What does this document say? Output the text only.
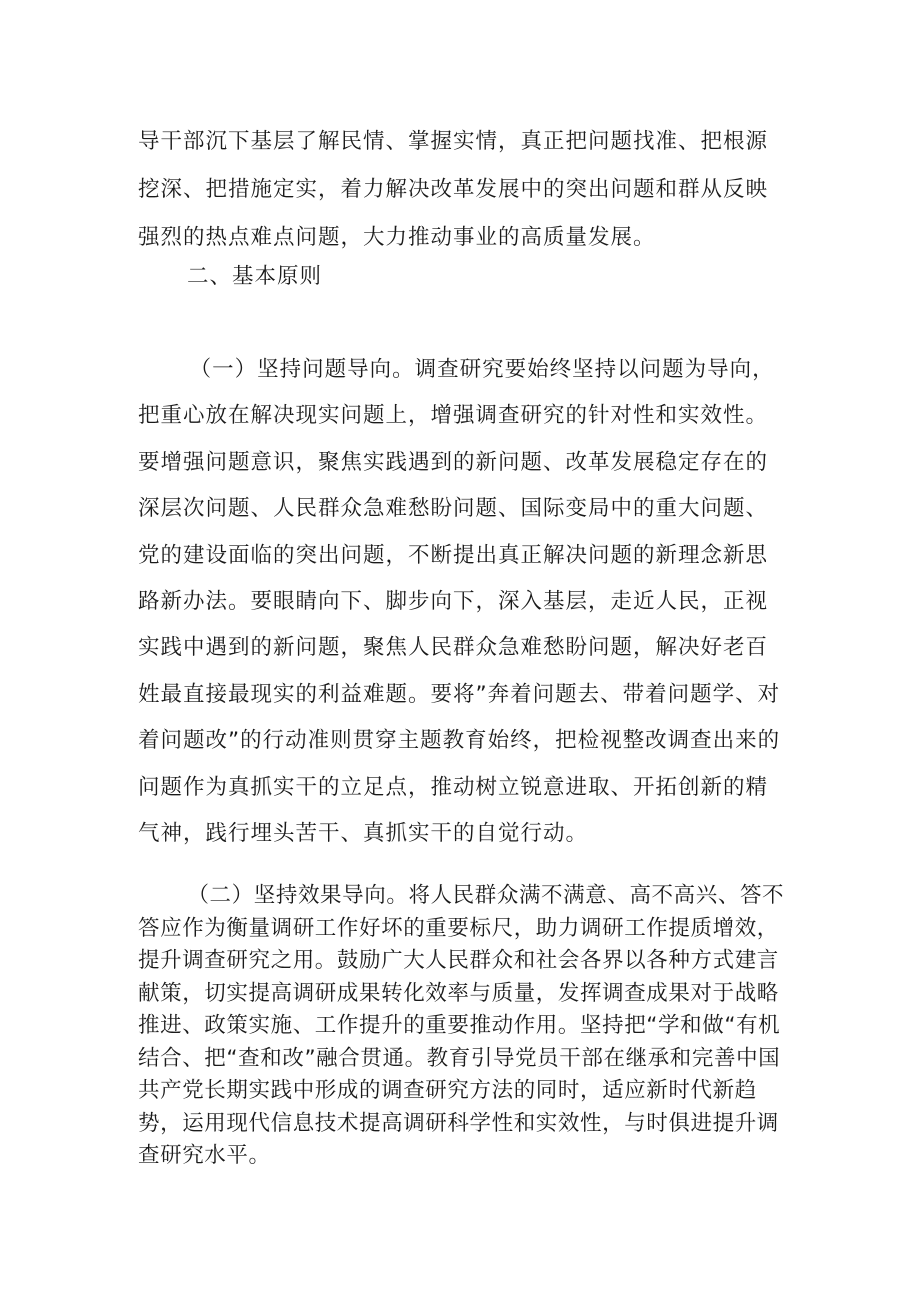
导干部沉下基层了解民情、掌握实情，真正把问题找准、把根源挖深、把措施定实，着力解决改革发展中的突出问题和群从反映强烈的热点难点问题，大力推动事业的高质量发展。

二、基本原则

（一）坚持问题导向。调查研究要始终坚持以问题为导向，把重心放在解决现实问题上，增强调查研究的针对性和实效性。要增强问题意识，聚焦实践遇到的新问题、改革发展稳定存在的深层次问题、人民群众急难愁盼问题、国际变局中的重大问题、党的建设面临的突出问题，不断提出真正解决问题的新理念新思路新办法。要眼睛向下、脚步向下，深入基层，走近人民，正视实践中遇到的新问题，聚焦人民群众急难愁盼问题，解决好老百姓最直接最现实的利益难题。要将”奔着问题去、带着问题学、对着问题改”的行动准则贯穿主题教育始终，把检视整改调查出来的问题作为真抓实干的立足点，推动树立锐意进取、开拓创新的精气神，践行埋头苦干、真抓实干的自觉行动。

（二）坚持效果导向。将人民群众满不满意、高不高兴、答不答应作为衡量调研工作好坏的重要标尺，助力调研工作提质增效，提升调查研究之用。鼓励广大人民群众和社会各界以各种方式建言献策，切实提高调研成果转化效率与质量，发挥调查成果对于战略推进、政策实施、工作提升的重要推动作用。坚持把“学和做“有机结合、把“查和改”融合贯通。教育引导党员干部在继承和完善中国共产党长期实践中形成的调查研究方法的同时，适应新时代新趋势，运用现代信息技术提高调研科学性和实效性，与时俱进提升调查研究水平。
